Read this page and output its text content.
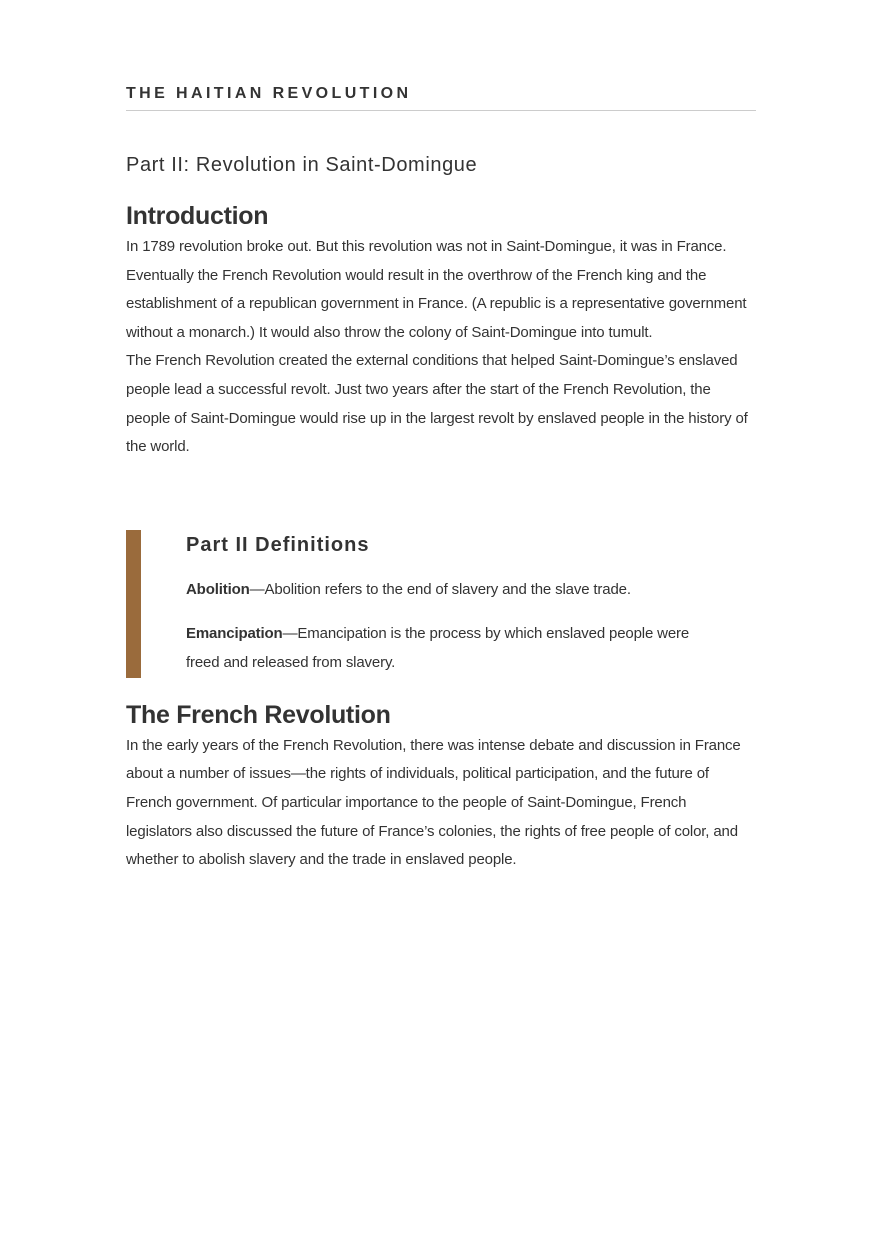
THE HAITIAN REVOLUTION
Part II: Revolution in Saint-Domingue
Introduction

In 1789 revolution broke out. But this revolution was not in Saint-Domingue, it was in France. Eventually the French Revolution would result in the overthrow of the French king and the establishment of a republican government in France. (A republic is a representative government without a monarch.) It would also throw the colony of Saint-Domingue into tumult.

The French Revolution created the external conditions that helped Saint-Domingue’s enslaved people lead a successful revolt. Just two years after the start of the French Revolution, the people of Saint-Domingue would rise up in the largest revolt by enslaved people in the history of the world.

Part II Definitions

Abolition—Abolition refers to the end of slavery and the slave trade.

Emancipation—Emancipation is the process by which enslaved people were freed and released from slavery.

The French Revolution

In the early years of the French Revolution, there was intense debate and discussion in France about a number of issues—the rights of individuals, political participation, and the future of French government. Of particular importance to the people of Saint-Domingue, French legislators also discussed the future of France’s colonies, the rights of free people of color, and whether to abolish slavery and the trade in enslaved people.
